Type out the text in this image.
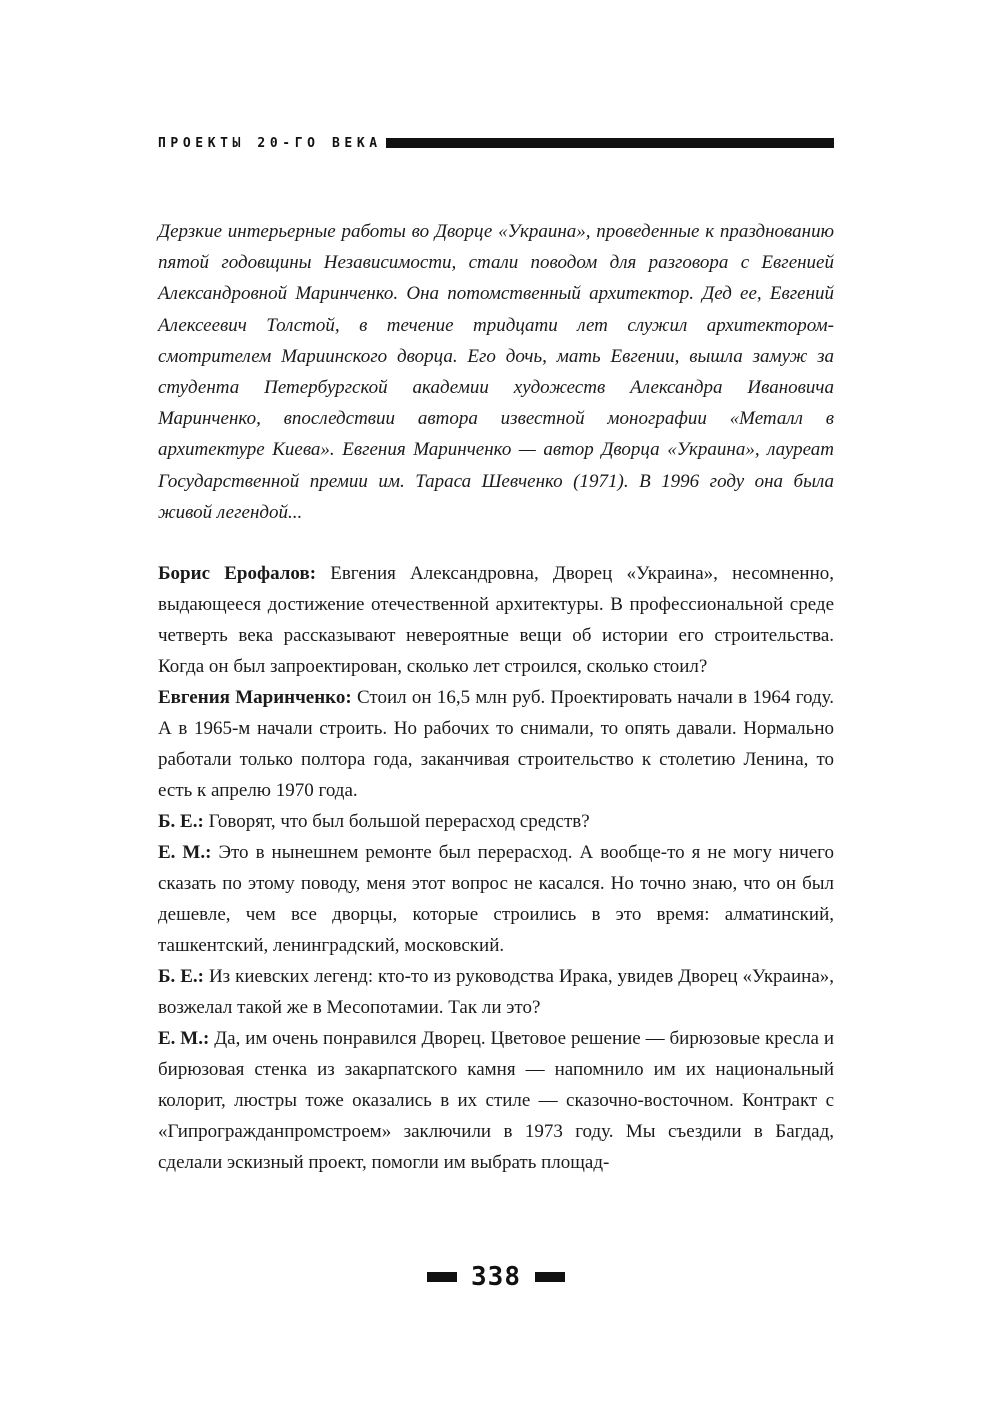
ПРОЕКТЫ 20-ГО ВЕКА

Дерзкие интерьерные работы во Дворце «Украина», проведенные к празднованию пятой годовщины Независимости, стали поводом для разговора с Евгенией Александровной Маринченко. Она потомственный архитектор. Дед ее, Евгений Алексеевич Толстой, в течение тридцати лет служил архитектором-смотрителем Мариинского дворца. Его дочь, мать Евгении, вышла замуж за студента Петербургской академии художеств Александра Ивановича Маринченко, впоследствии автора известной монографии «Металл в архитектуре Киева». Евгения Маринченко — автор Дворца «Украина», лауреат Государственной премии им. Тараса Шевченко (1971). В 1996 году она была живой легендой...

Борис Ерофалов: Евгения Александровна, Дворец «Украина», несомненно, выдающееся достижение отечественной архитектуры. В профессиональной среде четверть века рассказывают невероятные вещи об истории его строительства. Когда он был запроектирован, сколько лет строился, сколько стоил?

Евгения Маринченко: Стоил он 16,5 млн руб. Проектировать начали в 1964 году. А в 1965-м начали строить. Но рабочих то снимали, то опять давали. Нормально работали только полтора года, заканчивая строительство к столетию Ленина, то есть к апрелю 1970 года.

Б. Е.: Говорят, что был большой перерасход средств?

Е. М.: Это в нынешнем ремонте был перерасход. А вообще-то я не могу ничего сказать по этому поводу, меня этот вопрос не касался. Но точно знаю, что он был дешевле, чем все дворцы, которые строились в это время: алматинский, ташкентский, ленинградский, московский.

Б. Е.: Из киевских легенд: кто-то из руководства Ирака, увидев Дворец «Украина», возжелал такой же в Месопотамии. Так ли это?

Е. М.: Да, им очень понравился Дворец. Цветовое решение — бирюзовые кресла и бирюзовая стенка из закарпатского камня — напомнило им их национальный колорит, люстры тоже оказались в их стиле — сказочно-восточном. Контракт с «Гипрогражданпромстроем» заключили в 1973 году. Мы съездили в Багдад, сделали эскизный проект, помогли им выбрать площад-

338
